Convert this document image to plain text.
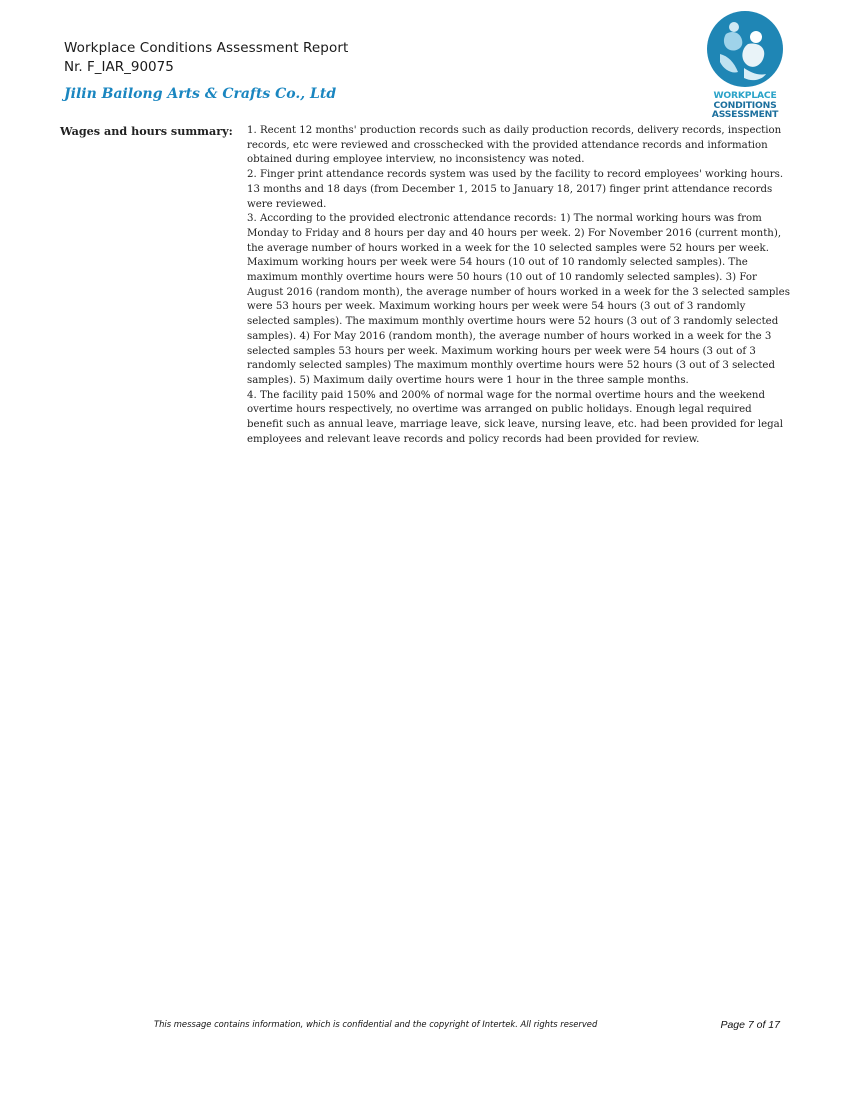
Workplace Conditions Assessment Report
Nr. F_IAR_90075
Jilin Bailong Arts & Crafts Co., Ltd	WORKPLACE
CONDITIONS
ASSESSMENT
Wages and hours summary: 1. Recent 12 months' production records such as daily production records, delivery records, inspection records, etc were reviewed and crosschecked with the provided attendance records and information obtained during employee interview, no inconsistency was noted.

2. Finger print attendance records system was used by the facility to record employees' working hours. 13 months and 18 days (from December 1, 2015 to January 18, 2017) finger print attendance records were reviewed.

3. According to the provided electronic attendance records: 1) The normal working hours was from Monday to Friday and 8 hours per day and 40 hours per week. 2) For November 2016 (current month), the average number of hours worked in a week for the 10 selected samples were 52 hours per week. Maximum working hours per week were 54 hours (10 out of 10 randomly selected samples). The maximum monthly overtime hours were 50 hours (10 out of 10 randomly selected samples). 3) For August 2016 (random month), the average number of hours worked in a week for the 3 selected samples were 53 hours per week. Maximum working hours per week were 54 hours (3 out of 3 randomly selected samples). The maximum monthly overtime hours were 52 hours (3 out of 3 randomly selected samples). 4) For May 2016 (random month), the average number of hours worked in a week for the 3 selected samples 53 hours per week. Maximum working hours per week were 54 hours (3 out of 3 randomly selected samples) The maximum monthly overtime hours were 52 hours (3 out of 3 selected samples). 5) Maximum daily overtime hours were 1 hour in the three sample months.

4. The facility paid 150% and 200% of normal wage for the normal overtime hours and the weekend overtime hours respectively, no overtime was arranged on public holidays. Enough legal required benefit such as annual leave, marriage leave, sick leave, nursing leave, etc. had been provided for legal employees and relevant leave records and policy records had been provided for review.

This message contains information, which is confidential and the copyright of Intertek. All rights reserved	Page 7 of 17
